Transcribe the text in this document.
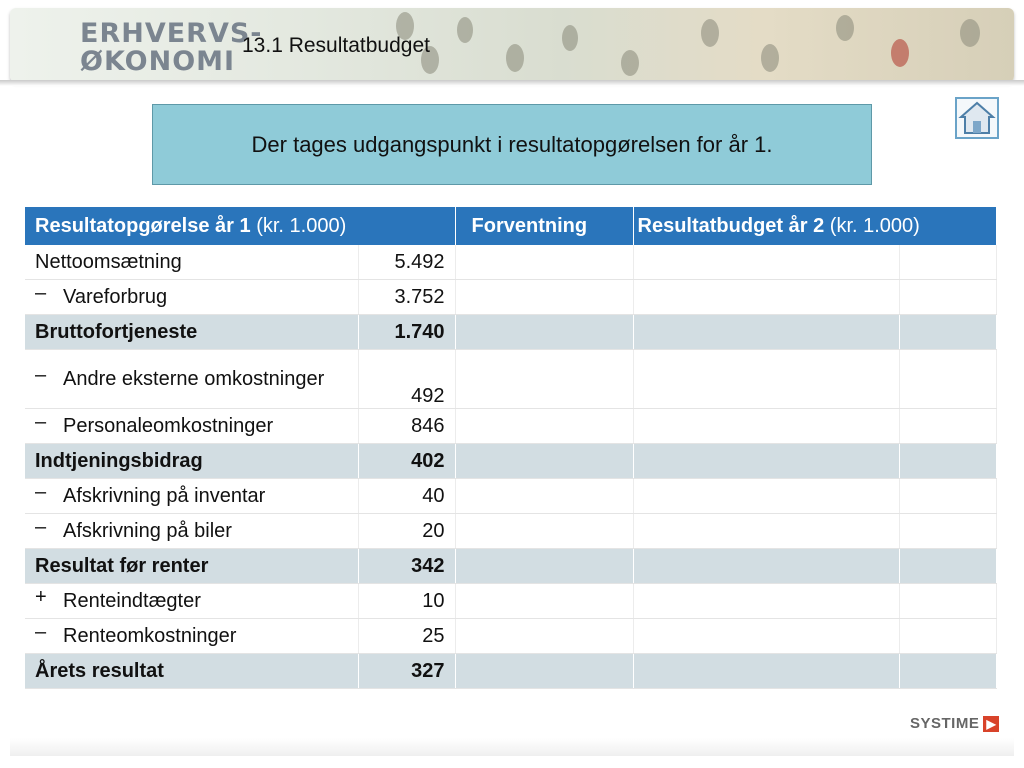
ERHVERVS-
ØKONOMI
13.1 Resultatbudget
Der tages udgangspunkt i resultatopgørelsen for år 1.
Resultatopgørelse år 1 (kr. 1.000)		Forventning	Resultatbudget år 2 (kr. 1.000)	

Nettoomsætning	5.492			

– Vareforbrug	3.752			

Bruttofortjeneste	1.740			

– Andre eksterne omkostninger	492			

– Personaleomkostninger	846			

Indtjeningsbidrag	402			

– Afskrivning på inventar	40			

– Afskrivning på biler	20			

Resultat før renter	342			

+ Renteindtægter	10			

– Renteomkostninger	25			

Årets resultat	327			
SYSTIME ▶
